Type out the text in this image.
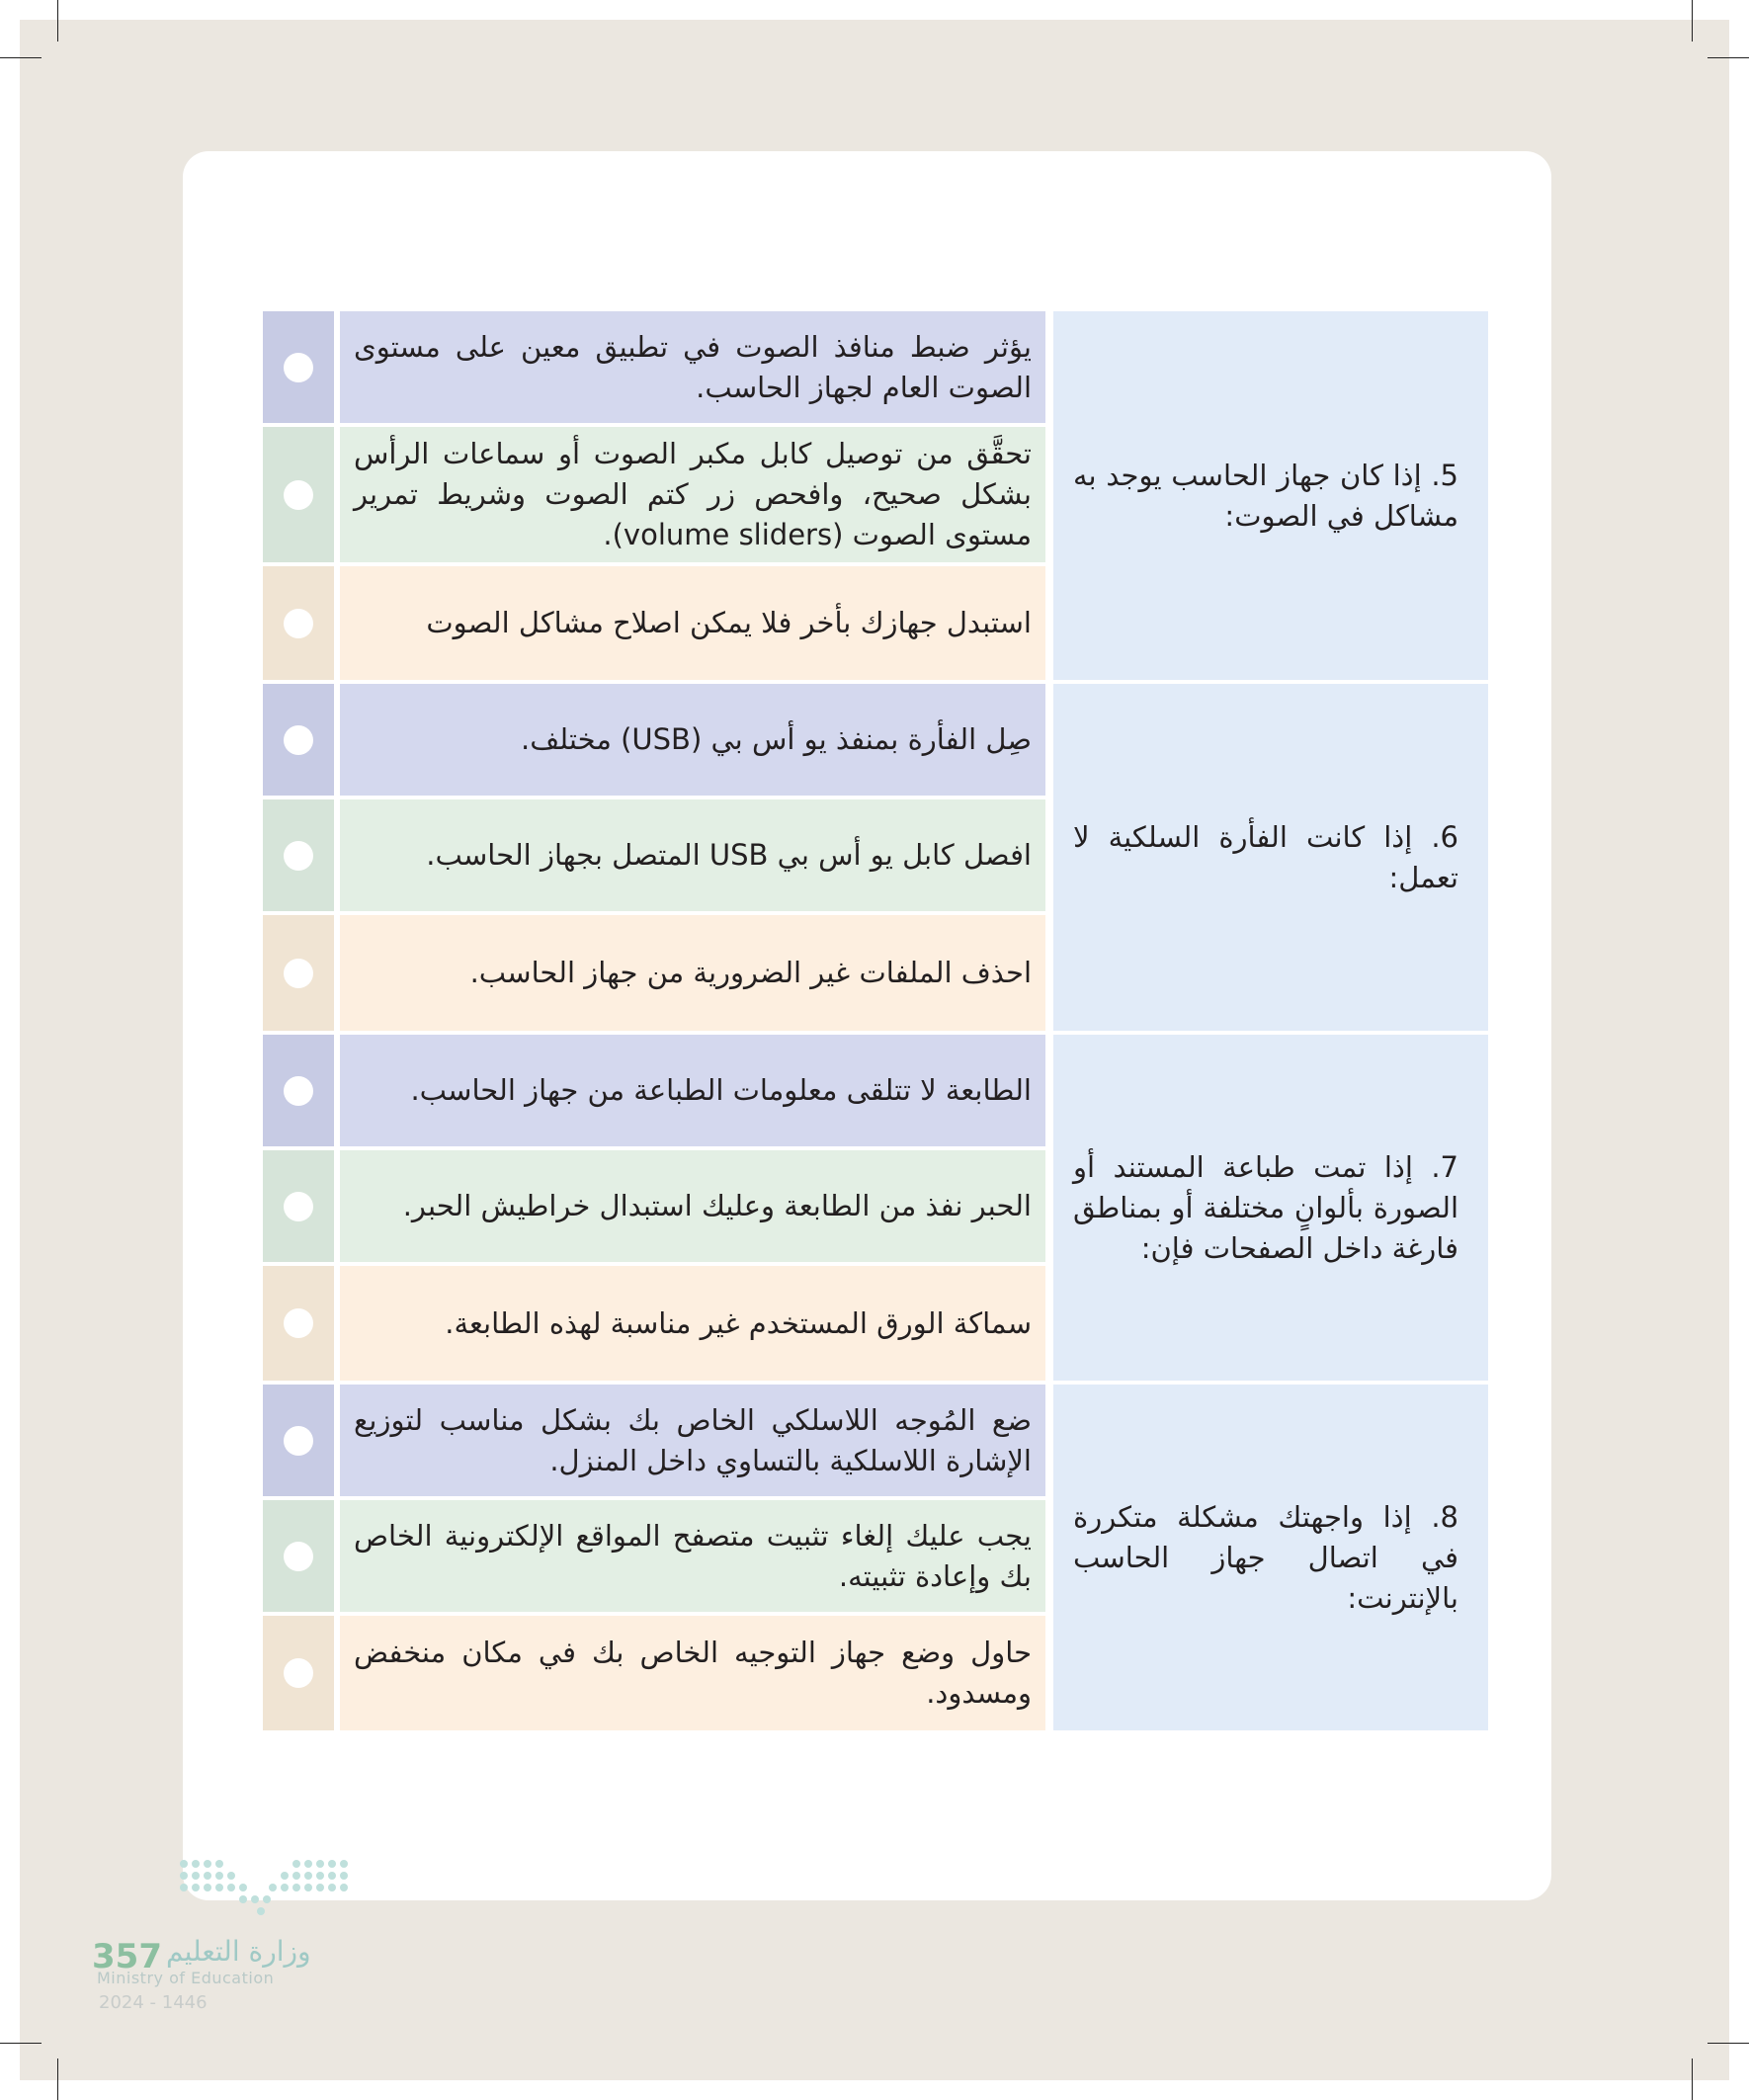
5. إذا كان جهاز الحاسب يوجد به مشاكل في الصوت:
يؤثر ضبط منافذ الصوت في تطبيق معين على مستوى الصوت العام لجهاز الحاسب.
تحقَّق من توصيل كابل مكبر الصوت أو سماعات الرأس بشكل صحيح، وافحص زر كتم الصوت وشريط تمرير مستوى الصوت (volume sliders).
استبدل جهازك بأخر فلا يمكن اصلاح مشاكل الصوت
6. إذا كانت الفأرة السلكية لا تعمل:
صِل الفأرة بمنفذ يو أس بي (USB) مختلف.
افصل كابل يو أس بي USB المتصل بجهاز الحاسب.
احذف الملفات غير الضرورية من جهاز الحاسب.
7. إذا تمت طباعة المستند أو الصورة بألوانٍ مختلفة أو بمناطق فارغة داخل الصفحات فإن:
الطابعة لا تتلقى معلومات الطباعة من جهاز الحاسب.
الحبر نفذ من الطابعة وعليك استبدال خراطيش الحبر.
سماكة الورق المستخدم غير مناسبة لهذه الطابعة.
8. إذا واجهتك مشكلة متكررة في اتصال جهاز الحاسب بالإنترنت:
ضع المُوجه اللاسلكي الخاص بك بشكل مناسب لتوزيع الإشارة اللاسلكية بالتساوي داخل المنزل.
يجب عليك إلغاء تثبيت متصفح المواقع الإلكترونية الخاص بك وإعادة تثبيته.
حاول وضع جهاز التوجيه الخاص بك في مكان منخفض ومسدود.
وزارة التعليم
Ministry of Education
2024 - 1446
357
